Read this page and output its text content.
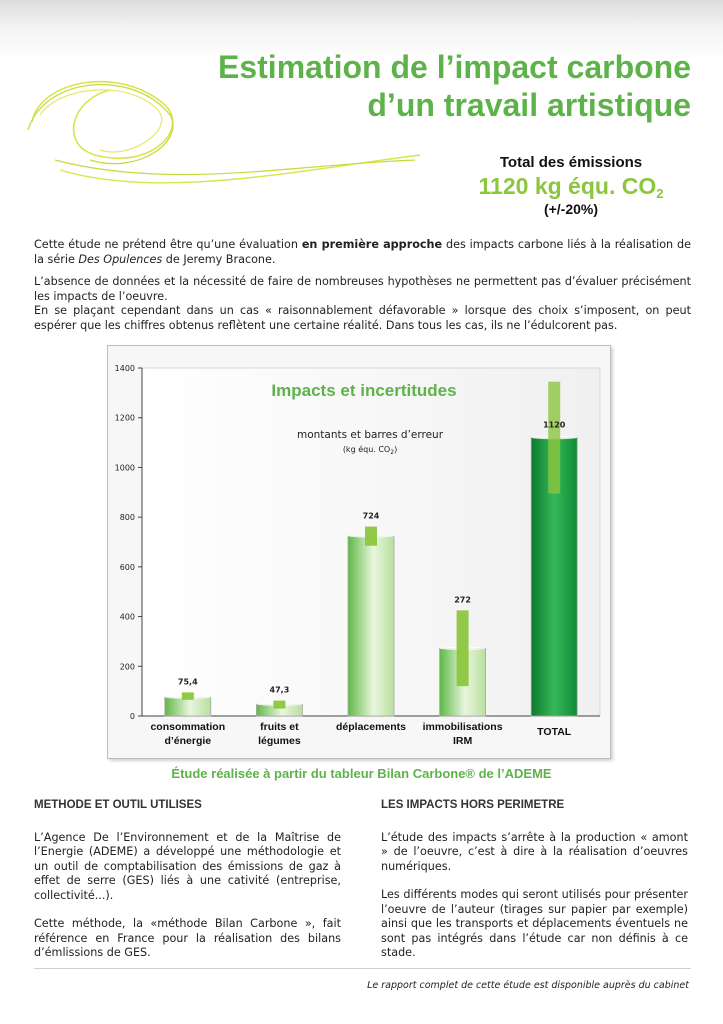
Estimation de l’impact carbone
d’un travail artistique
Total des émissions
1120 kg équ. $CO_2$
(+/-20%)

Cette étude ne prétend être qu’une évaluation en première approche des impacts carbone liés à la réalisation de la série Des Opulences de Jeremy Bracone.

L’absence de données et la nécessité de faire de nombreuses hypothèses ne permettent pas d’évaluer précisément les impacts de l’oeuvre.

En se plaçant cependant dans un cas « raisonnablement défavorable » lorsque des choix s’imposent, on peut espérer que les chiffres obtenus reflètent une certaine réalité. Dans tous les cas, ils ne l’édulcorent pas.

0
200
400
600
800
1000
1200
1400
Impacts et incertitudes
montants et barres d’erreur
(kg équ. $CO_2$)
75,4
consommation
d’énergie
47,3
fruits et
légumes
724
déplacements
272
immobilisations
IRM
1120
TOTAL
Étude réalisée à partir du tableur Bilan Carbone® de l’ADEME
METHODE ET OUTIL UTILISES

L’Agence De l’Environnement et de la Maîtrise de l’Energie (ADEME) a développé une méthodologie et un outil de comptabilisation des émissions de gaz à effet de serre (GES) liés à une cativité (entreprise, collectivité...).

Cette méthode, la «méthode Bilan Carbone », fait référence en France pour la réalisation des bilans d’émlissions de GES.

LES IMPACTS HORS PERIMETRE

L’étude des impacts s’arrête à la production « amont » de l’oeuvre, c’est à dire à la réalisation d’oeuvres numériques.

Les différents modes qui seront utilisés pour présenter l’oeuvre de l’auteur (tirages sur papier par exemple) ainsi que les transports et déplacements éventuels ne sont pas intégrés dans l’étude car non définis à ce stade.

Le rapport complet de cette étude est disponible auprès du cabinet
